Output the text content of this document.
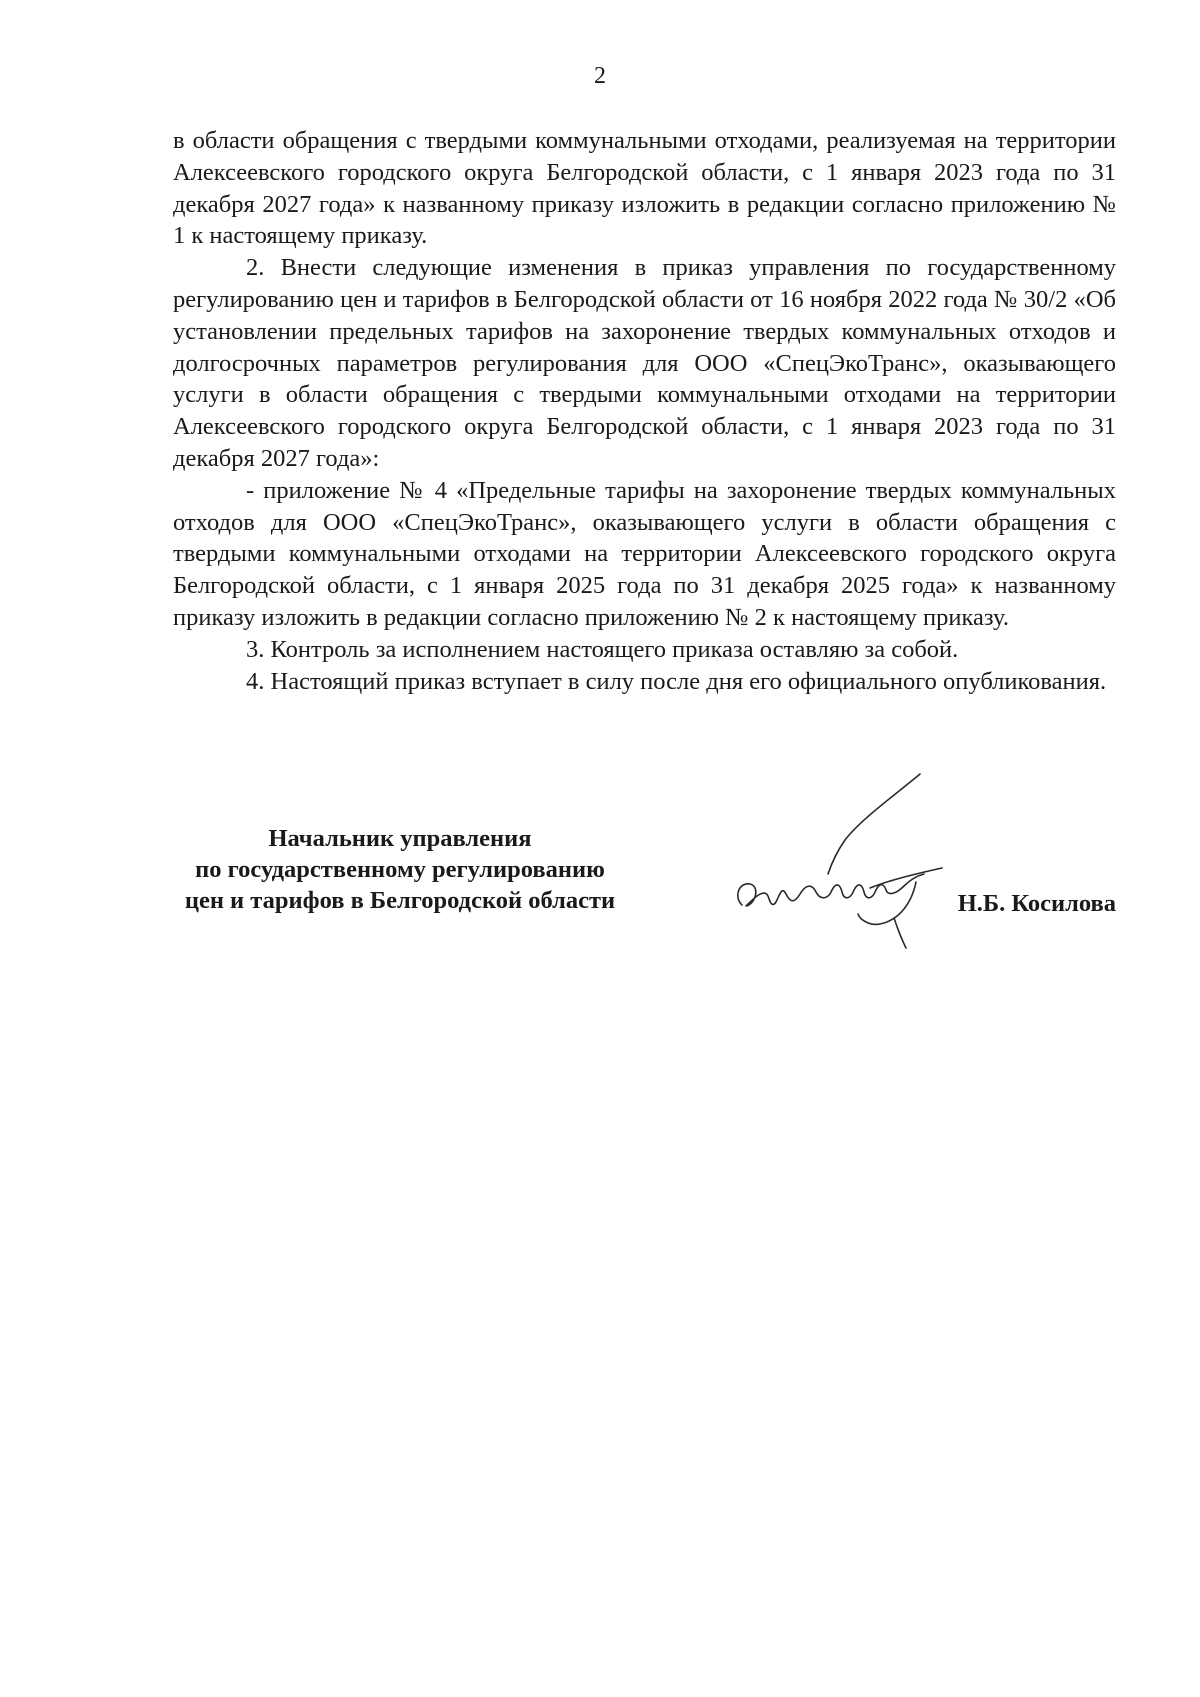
2

в области обращения с твердыми коммунальными отходами, реализуемая на территории Алексеевского городского округа Белгородской области, с 1 января 2023 года по 31 декабря 2027 года» к названному приказу изложить в редакции согласно приложению № 1 к настоящему приказу.

2. Внести следующие изменения в приказ управления по государственному регулированию цен и тарифов в Белгородской области от 16 ноября 2022 года № 30/2 «Об установлении предельных тарифов на захоронение твердых коммунальных отходов и долгосрочных параметров регулирования для ООО «СпецЭкоТранс», оказывающего услуги в области обращения с твердыми коммунальными отходами на территории Алексеевского городского округа Белгородской области, с 1 января 2023 года по 31 декабря 2027 года»:

- приложение № 4 «Предельные тарифы на захоронение твердых коммунальных отходов для ООО «СпецЭкоТранс», оказывающего услуги в области обращения с твердыми коммунальными отходами на территории Алексеевского городского округа Белгородской области, с 1 января 2025 года по 31 декабря 2025 года» к названному приказу изложить в редакции согласно приложению № 2 к настоящему приказу.

3. Контроль за исполнением настоящего приказа оставляю за собой.

4. Настоящий приказ вступает в силу после дня его официального опубликования.

Начальник управления
по государственному регулированию
цен и тарифов в Белгородской области	Н.Б. Косилова
